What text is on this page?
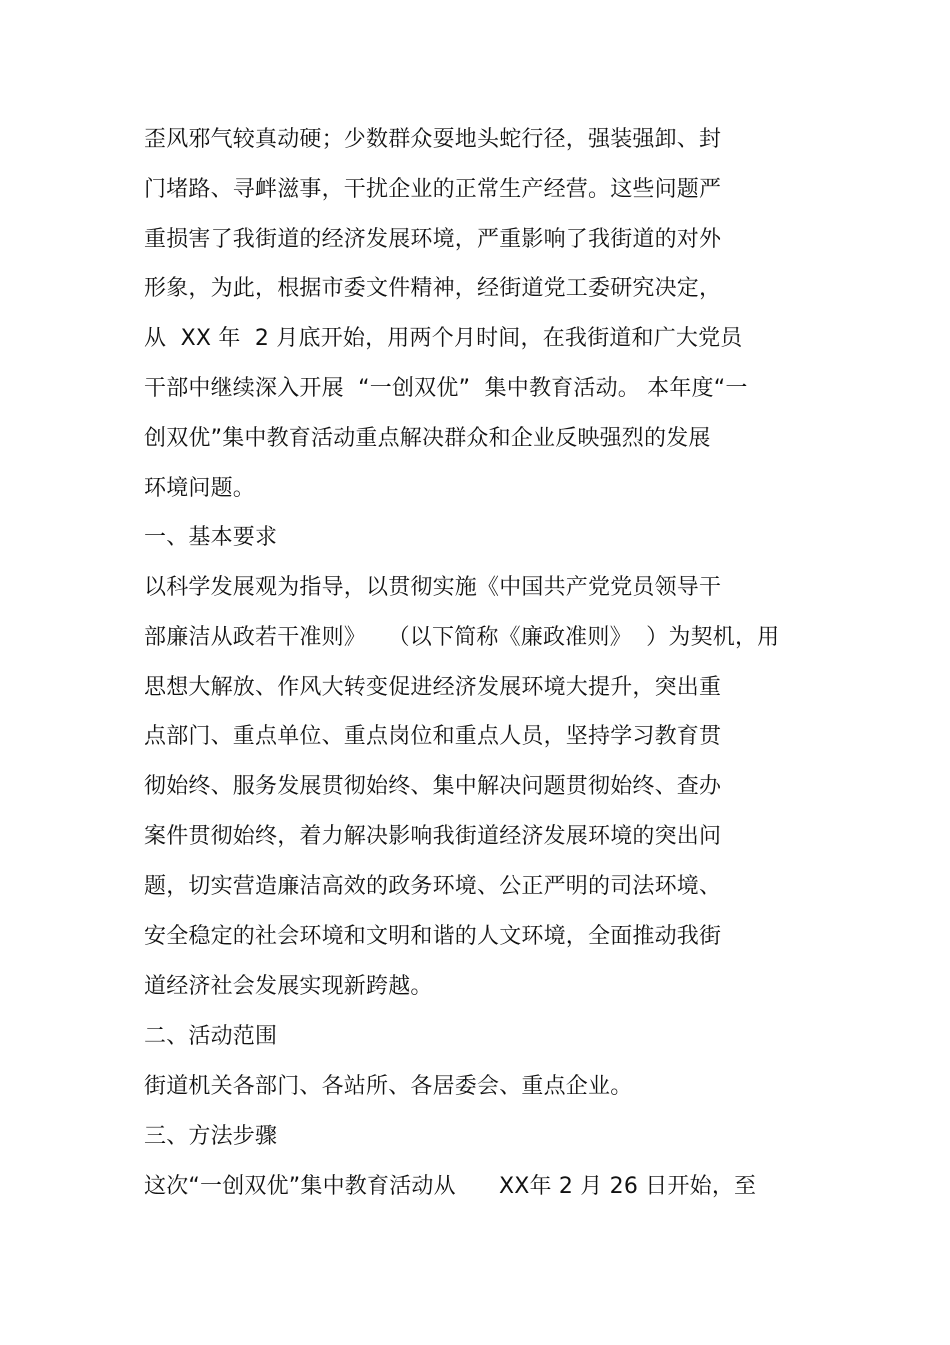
歪风邪气较真动硬；少数群众耍地头蛇行径，强装强卸、封
门堵路、寻衅滋事，干扰企业的正常生产经营。这些问题严
重损害了我街道的经济发展环境，严重影响了我街道的对外
形象，为此，根据市委文件精神，经街道党工委研究决定，
从  XX 年  2 月底开始，用两个月时间，在我街道和广大党员
干部中继续深入开展  “一创双优”  集中教育活动。 本年度“一
创双优”集中教育活动重点解决群众和企业反映强烈的发展
环境问题。
一、基本要求
以科学发展观为指导，以贯彻实施《中国共产党党员领导干
部廉洁从政若干准则》   （以下简称《廉政准则》  ）为契机，用
思想大解放、作风大转变促进经济发展环境大提升，突出重
点部门、重点单位、重点岗位和重点人员，坚持学习教育贯
彻始终、服务发展贯彻始终、集中解决问题贯彻始终、查办
案件贯彻始终，着力解决影响我街道经济发展环境的突出问
题，切实营造廉洁高效的政务环境、公正严明的司法环境、
安全稳定的社会环境和文明和谐的人文环境，全面推动我街
道经济社会发展实现新跨越。
二、活动范围
街道机关各部门、各站所、各居委会、重点企业。
三、方法步骤
这次“一创双优”集中教育活动从      XX年 2 月 26 日开始，至
